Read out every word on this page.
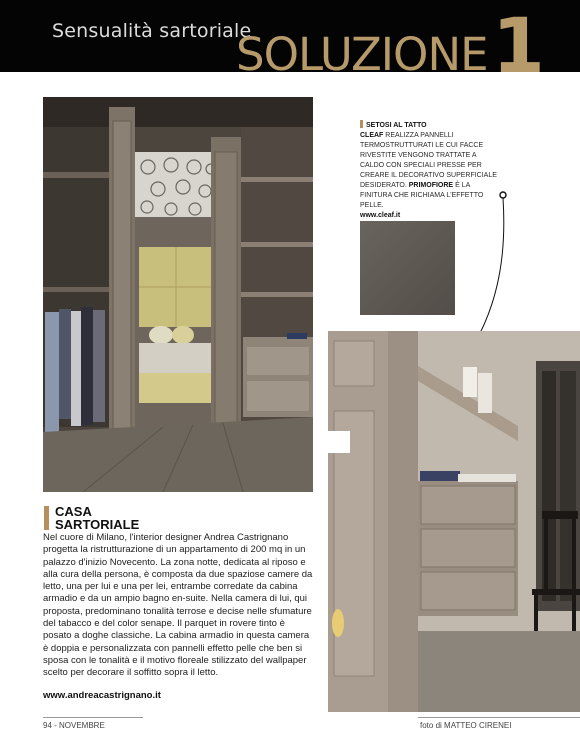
Sensualità sartoriale
SOLUZIONE 1
SETOSI AL TATTO
CLEAF REALIZZA PANNELLI TERMOSTRUTTURATI LE CUI FACCE RIVESTITE VENGONO TRATTATE A CALDO CON SPECIALI PRESSE PER CREARE IL DECORATIVO SUPERFICIALE DESIDERATO. PRIMOFIORE È LA FINITURA CHE RICHIAMA L'EFFETTO PELLE.
www.cleaf.it
CASA
SARTORIALE
Nel cuore di Milano, l'interior designer Andrea Castrignano progetta la ristrutturazione di un appartamento di 200 mq in un palazzo d'inizio Novecento. La zona notte, dedicata al riposo e alla cura della persona, è composta da due spaziose camere da letto, una per lui e una per lei, entrambe corredate da cabina armadio e da un ampio bagno en-suite. Nella camera di lui, qui proposta, predominano tonalità terrose e decise nelle sfumature del tabacco e del color senape. Il parquet in rovere tinto è posato a doghe classiche. La cabina armadio in questa camera è doppia e personalizzata con pannelli effetto pelle che ben si sposa con le tonalità e il motivo floreale stilizzato del wallpaper scelto per decorare il soffitto sopra il letto.
www.andreacastrignano.it
94 - NOVEMBRE	foto di MATTEO CIRENEI
